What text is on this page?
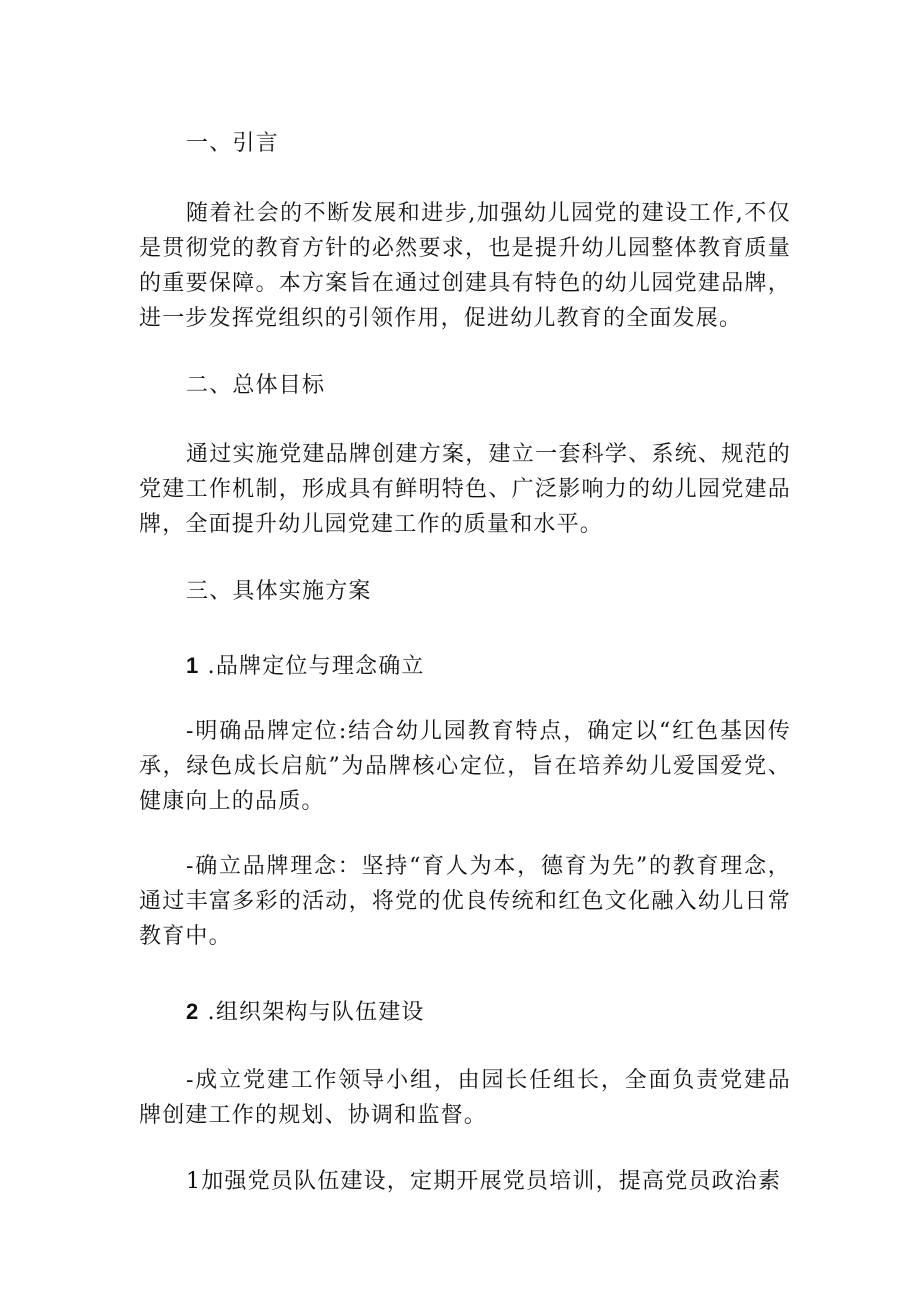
一、引言
随着社会的不断发展和进步,加强幼儿园党的建设工作,不仅是贯彻党的教育方针的必然要求，也是提升幼儿园整体教育质量的重要保障。本方案旨在通过创建具有特色的幼儿园党建品牌，进一步发挥党组织的引领作用，促进幼儿教育的全面发展。
二、总体目标
通过实施党建品牌创建方案，建立一套科学、系统、规范的党建工作机制，形成具有鲜明特色、广泛影响力的幼儿园党建品牌，全面提升幼儿园党建工作的质量和水平。
三、具体实施方案
1 .品牌定位与理念确立
-明确品牌定位:结合幼儿园教育特点，确定以“红色基因传承，绿色成长启航”为品牌核心定位，旨在培养幼儿爱国爱党、健康向上的品质。
-确立品牌理念：坚持“育人为本，德育为先”的教育理念，通过丰富多彩的活动，将党的优良传统和红色文化融入幼儿日常教育中。
2 .组织架构与队伍建设
-成立党建工作领导小组，由园长任组长，全面负责党建品牌创建工作的规划、协调和监督。
1加强党员队伍建设，定期开展党员培训，提高党员政治素
